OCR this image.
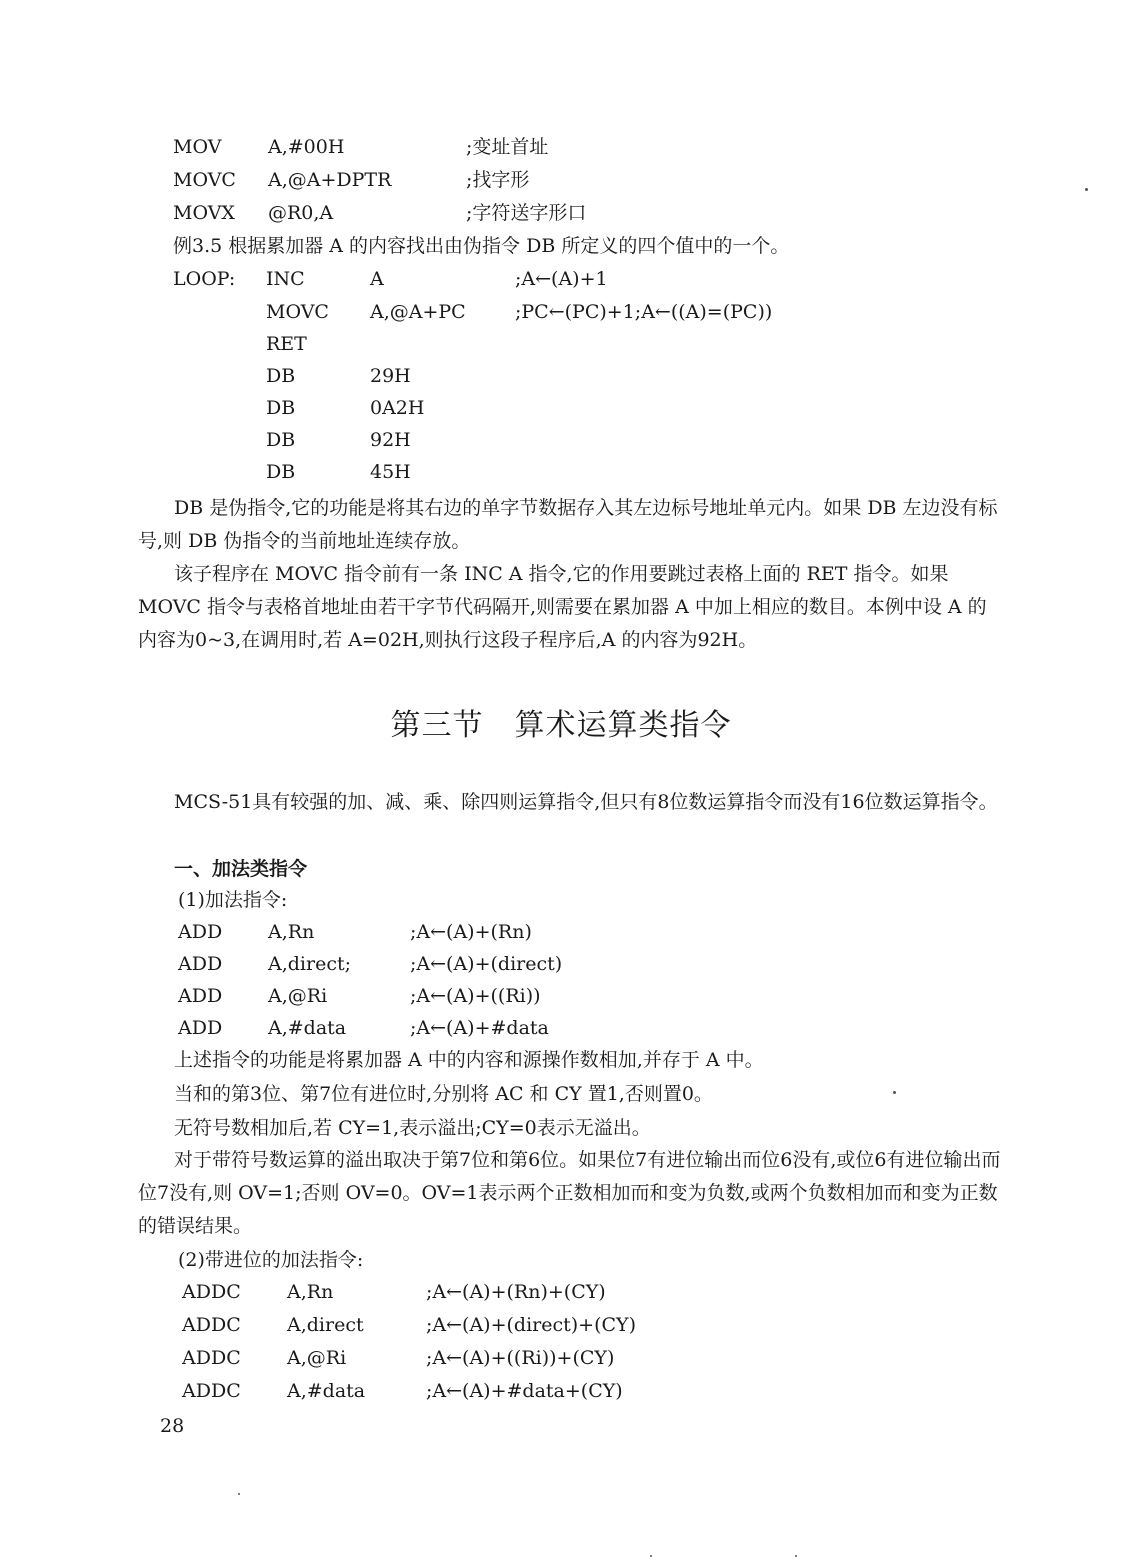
MOV A,#00H	;变址首址
MOVC A,@A+DPTR	;找字形
MOVX @R0,A	;字符送字形口
例3.5 根据累加器 A 的内容找出由伪指令 DB 所定义的四个值中的一个。
LOOP: INC	A	;A←(A)+1
MOVC A,@A+PC	;PC←(PC)+1;A←((A)=(PC))
RET
DB	29H
DB	0A2H
DB	92H
DB	45H
DB 是伪指令,它的功能是将其右边的单字节数据存入其左边标号地址单元内。如果 DB 左边没有标号,则 DB 伪指令的当前地址连续存放。
该子程序在 MOVC 指令前有一条 INC A 指令,它的作用要跳过表格上面的 RET 指令。如果 MOVC 指令与表格首地址由若干字节代码隔开,则需要在累加器 A 中加上相应的数目。本例中设 A 的内容为0~3,在调用时,若 A=02H,则执行这段子程序后,A 的内容为92H。
第三节　算术运算类指令
MCS-51具有较强的加、减、乘、除四则运算指令,但只有8位数运算指令而没有16位数运算指令。
一、加法类指令
(1)加法指令:
ADD A,Rn	;A←(A)+(Rn)
ADD A,direct;	;A←(A)+(direct)
ADD A,@Ri	;A←(A)+((Ri))
ADD A,#data	;A←(A)+#data
上述指令的功能是将累加器 A 中的内容和源操作数相加,并存于 A 中。
当和的第3位、第7位有进位时,分别将 AC 和 CY 置1,否则置0。
无符号数相加后,若 CY=1,表示溢出;CY=0表示无溢出。
对于带符号数运算的溢出取决于第7位和第6位。如果位7有进位输出而位6没有,或位6有进位输出而位7没有,则 OV=1;否则 OV=0。OV=1表示两个正数相加而和变为负数,或两个负数相加而和变为正数的错误结果。
(2)带进位的加法指令:
ADDC A,Rn	;A←(A)+(Rn)+(CY)
ADDC A,direct	;A←(A)+(direct)+(CY)
ADDC A,@Ri	;A←(A)+((Ri))+(CY)
ADDC A,#data	;A←(A)+#data+(CY)
28
